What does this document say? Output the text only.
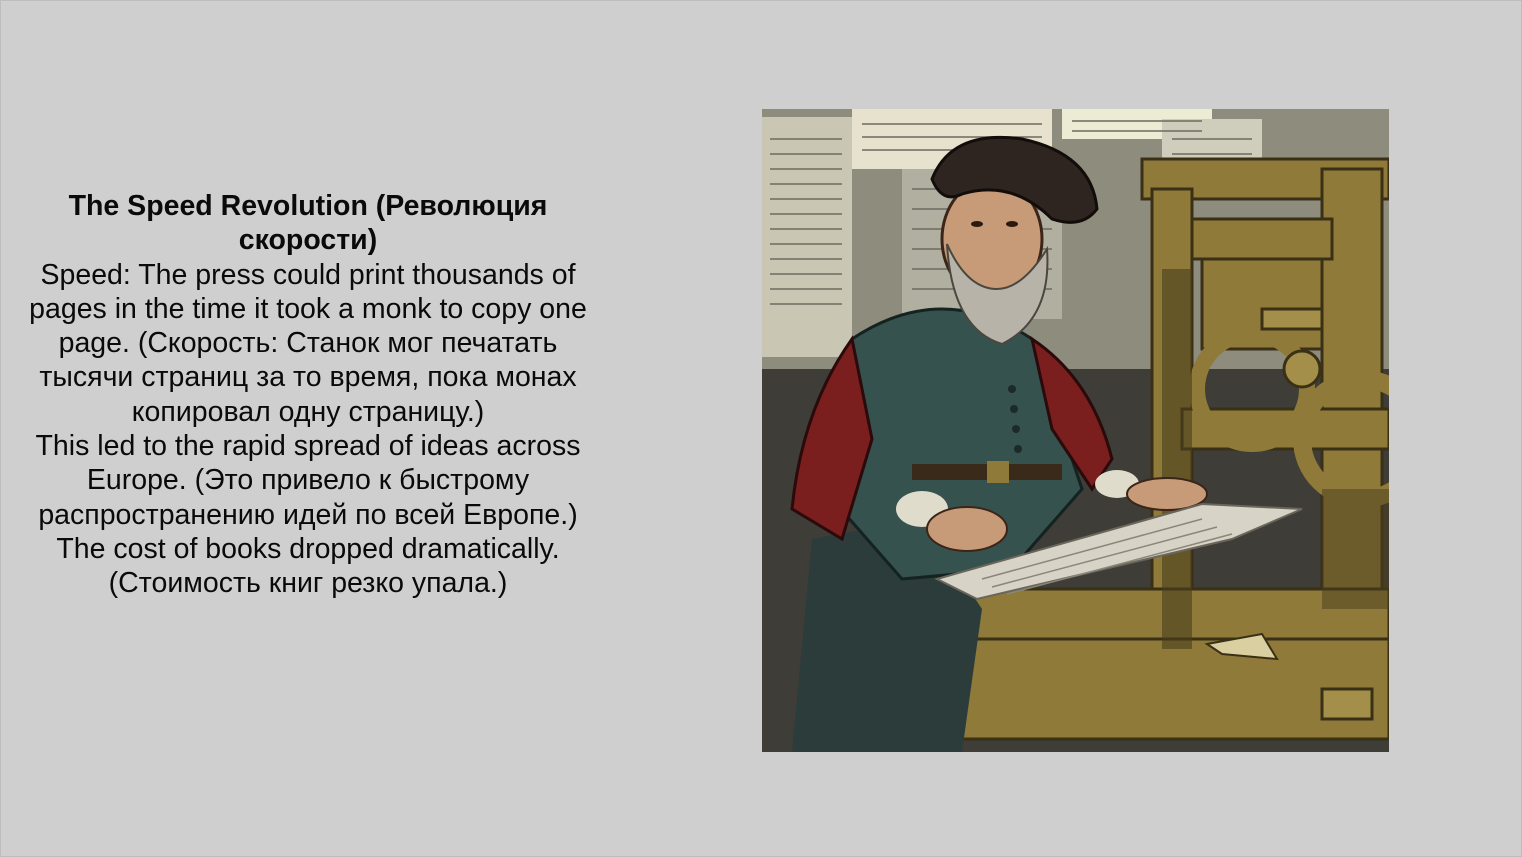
The Speed Revolution (Революция скорости)
Speed: The press could print thousands of pages in the time it took a monk to copy one page. (Скорость: Станок мог печатать тысячи страниц за то время, пока монах копировал одну страницу.)
This led to the rapid spread of ideas across Europe. (Это привело к быстрому распространению идей по всей Европе.)
The cost of books dropped dramatically. (Стоимость книг резко упала.)
